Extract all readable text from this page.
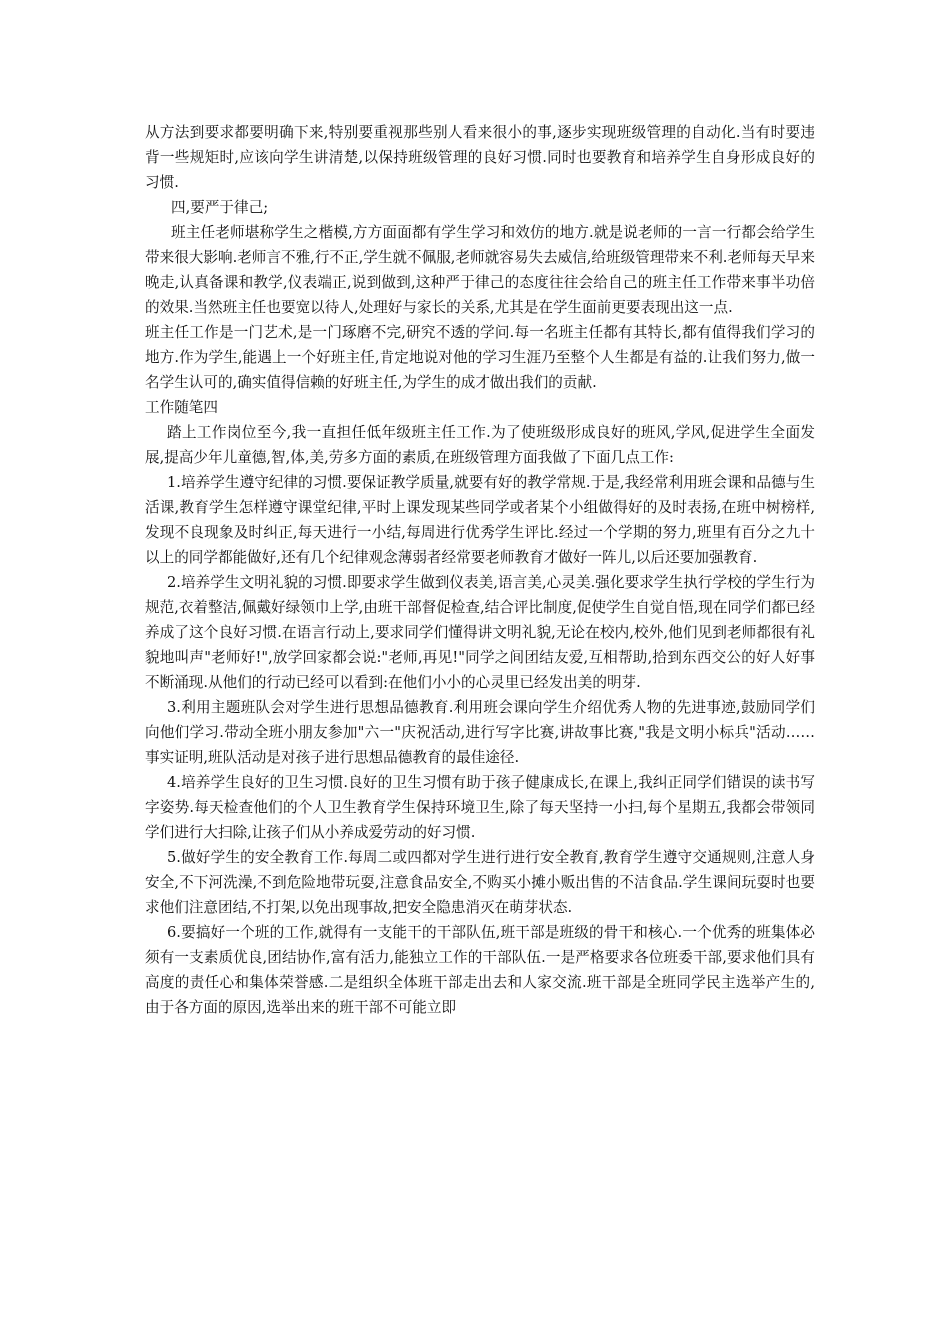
从方法到要求都要明确下来,特别要重视那些别人看来很小的事,逐步实现班级管理的自动化.当有时要违背一些规矩时,应该向学生讲清楚,以保持班级管理的良好习惯.同时也要教育和培养学生自身形成良好的习惯.

四,要严于律己;

班主任老师堪称学生之楷模,方方面面都有学生学习和效仿的地方.就是说老师的一言一行都会给学生带来很大影响.老师言不雅,行不正,学生就不佩服,老师就容易失去威信,给班级管理带来不利.老师每天早来晚走,认真备课和教学,仪表端正,说到做到,这种严于律己的态度往往会给自己的班主任工作带来事半功倍的效果.当然班主任也要宽以待人,处理好与家长的关系,尤其是在学生面前更要表现出这一点.

班主任工作是一门艺术,是一门琢磨不完,研究不透的学问.每一名班主任都有其特长,都有值得我们学习的地方.作为学生,能遇上一个好班主任,肯定地说对他的学习生涯乃至整个人生都是有益的.让我们努力,做一名学生认可的,确实值得信赖的好班主任,为学生的成才做出我们的贡献.

工作随笔四

踏上工作岗位至今,我一直担任低年级班主任工作.为了使班级形成良好的班风,学风,促进学生全面发展,提高少年儿童德,智,体,美,劳多方面的素质,在班级管理方面我做了下面几点工作:

1.培养学生遵守纪律的习惯.要保证教学质量,就要有好的教学常规.于是,我经常利用班会课和品德与生活课,教育学生怎样遵守课堂纪律,平时上课发现某些同学或者某个小组做得好的及时表扬,在班中树榜样,发现不良现象及时纠正,每天进行一小结,每周进行优秀学生评比.经过一个学期的努力,班里有百分之九十以上的同学都能做好,还有几个纪律观念薄弱者经常要老师教育才做好一阵儿,以后还要加强教育.

2.培养学生文明礼貌的习惯.即要求学生做到仪表美,语言美,心灵美.强化要求学生执行学校的学生行为规范,衣着整洁,佩戴好绿领巾上学,由班干部督促检查,结合评比制度,促使学生自觉自悟,现在同学们都已经养成了这个良好习惯.在语言行动上,要求同学们懂得讲文明礼貌,无论在校内,校外,他们见到老师都很有礼貌地叫声"老师好!",放学回家都会说:"老师,再见!"同学之间团结友爱,互相帮助,拾到东西交公的好人好事不断涌现.从他们的行动已经可以看到:在他们小小的心灵里已经发出美的明芽.

3.利用主题班队会对学生进行思想品德教育.利用班会课向学生介绍优秀人物的先进事迹,鼓励同学们向他们学习.带动全班小朋友参加"六一"庆祝活动,进行写字比赛,讲故事比赛,"我是文明小标兵"活动……事实证明,班队活动是对孩子进行思想品德教育的最佳途径.

4.培养学生良好的卫生习惯.良好的卫生习惯有助于孩子健康成长,在课上,我纠正同学们错误的读书写字姿势.每天检查他们的个人卫生教育学生保持环境卫生,除了每天坚持一小扫,每个星期五,我都会带领同学们进行大扫除,让孩子们从小养成爱劳动的好习惯.

5.做好学生的安全教育工作.每周二或四都对学生进行进行安全教育,教育学生遵守交通规则,注意人身安全,不下河洗澡,不到危险地带玩耍,注意食品安全,不购买小摊小贩出售的不洁食品.学生课间玩耍时也要求他们注意团结,不打架,以免出现事故,把安全隐患消灭在萌芽状态.

6.要搞好一个班的工作,就得有一支能干的干部队伍,班干部是班级的骨干和核心.一个优秀的班集体必须有一支素质优良,团结协作,富有活力,能独立工作的干部队伍.一是严格要求各位班委干部,要求他们具有高度的责任心和集体荣誉感.二是组织全体班干部走出去和人家交流.班干部是全班同学民主选举产生的,由于各方面的原因,选举出来的班干部不可能立即
